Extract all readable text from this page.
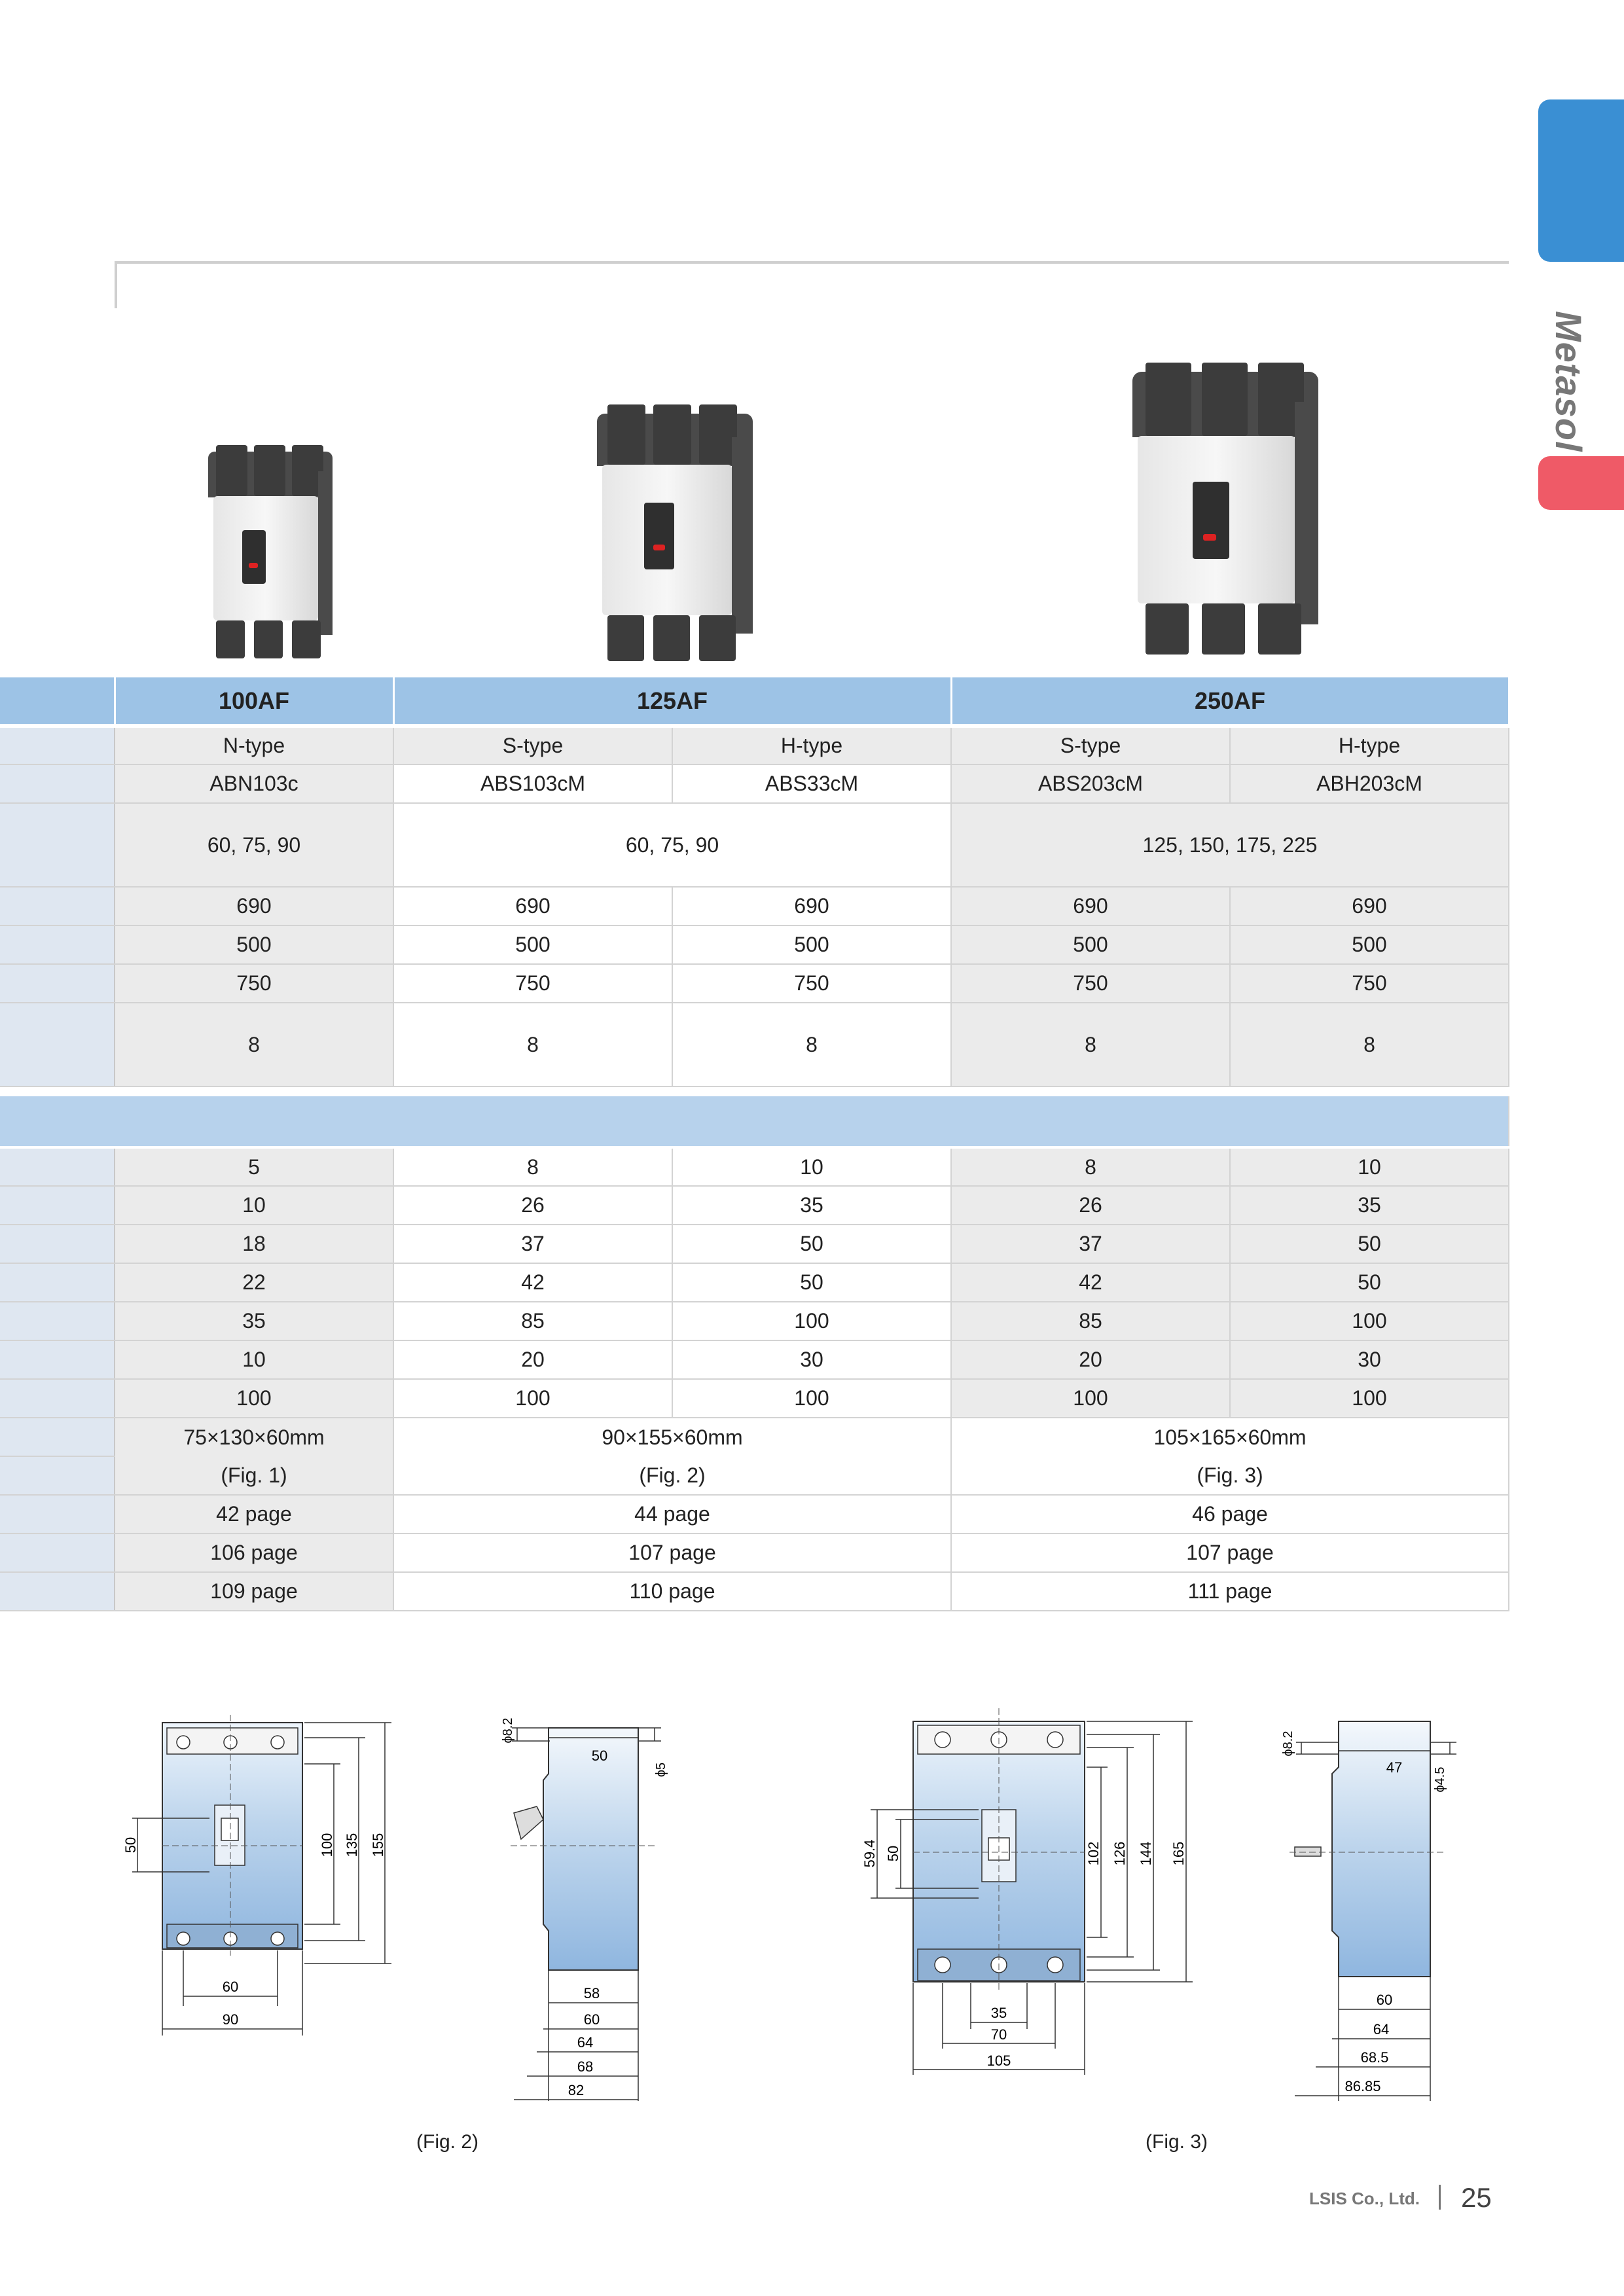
Metasol
	100AF	125AF		250AF	
	N-type	S-type	H-type	S-type	H-type
	ABN103c	ABS103cM	ABS33cM	ABS203cM	ABH203cM
	60, 75, 90	60, 75, 90		125, 150, 175, 225	
	690	690	690	690	690
	500	500	500	500	500
	750	750	750	750	750
	8	8	8	8	8

	5	8	10	8	10
	10	26	35	26	35
	18	37	50	37	50
	22	42	50	42	50
	35	85	100	85	100
	10	20	30	20	30
	100	100	100	100	100
	75×130×60mm	90×155×60mm		105×165×60mm	
	(Fig. 1)	(Fig. 2)		(Fig. 3)	
	42 page	44 page		46 page	
	106 page	107 page		107 page	
	109 page	110 page		111 page	
50	100 135 155
60
90
ϕ8.2
50
ϕ5
58
60
64
68
82
59.4 50	102 126 144 165
35
70
105
ϕ8.2
47 ϕ4.5
60
64
68.5
86.85
(Fig. 2)	(Fig. 3)
LSIS Co., Ltd. 25
